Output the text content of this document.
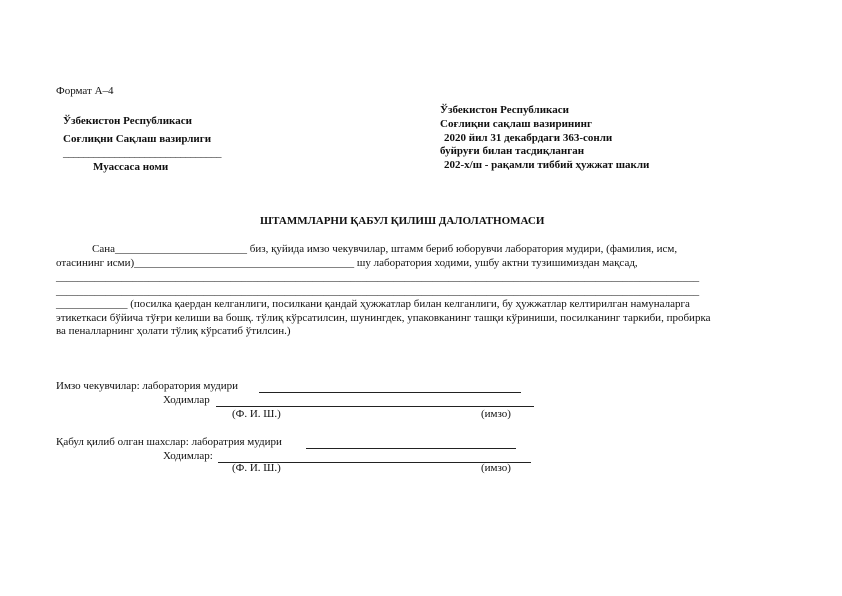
Формат А–4
Ўзбекистон Республикаси
Соғлиқни Сақлаш вазирлиги
_______________________________
Муассаса номи
Ўзбекистон Республикаси
Соғлиқни сақлаш вазирининг
2020 йил 31 декабрдаги 363-сонли
буйруғи билан тасдиқланган
202-х/ш - рақамли тиббий ҳужжат шакли
ШТАММЛАРНИ ҚАБУЛ ҚИЛИШ ДАЛОЛАТНОМАСИ
Сана________________________ биз, қуйида имзо чекувчилар, штамм бериб юборувчи лаборатория мудири, (фамилия, исм,
отасининг исми)________________________________________ шу лаборатория ходими, ушбу актни тузишимиздан мақсад,
______________________________________________________________________________________________________________________
______________________________________________________________________________________________________________________
_____________ (посилка қаердан келганлиги, посилкани қандай ҳужжатлар билан келганлиги, бу ҳужжатлар келтирилган намуналарга
этикеткаси бўйича тўғри келиши ва бошқ. тўлиқ кўрсатилсин, шунингдек, упаковканинг ташқи кўриниши, посилканинг таркиби, пробирка
ва пеналларнинг ҳолати тўлиқ кўрсатиб ўтилсин.)
Имзо чекувчилар: лаборатория мудири
Ходимлар
(Ф. И. Ш.)	(имзо)
Қабул қилиб олган шахслар: лаборатрия мудири
Ходимлар:
(Ф. И. Ш.)	(имзо)
